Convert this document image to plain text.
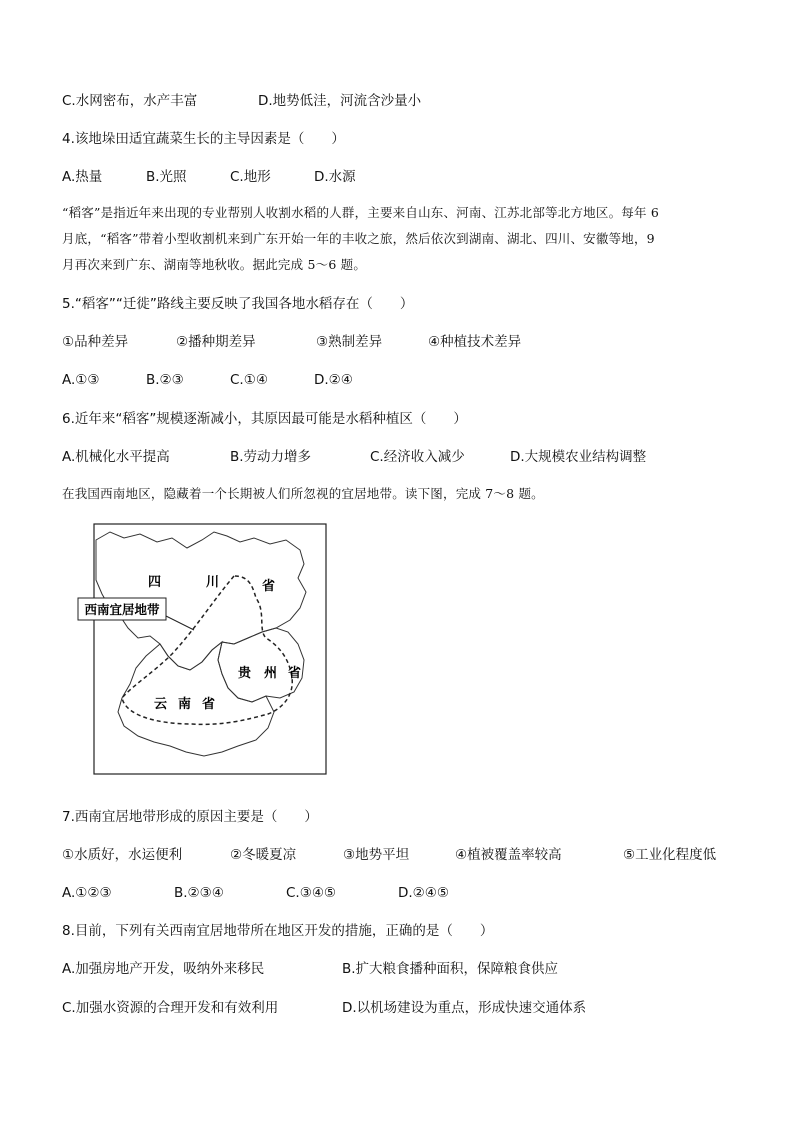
C.水网密布，水产丰富	D.地势低洼，河流含沙量小
4.该地垛田适宜蔬菜生长的主导因素是（　　）
A.热量	B.光照	C.地形	D.水源

“稻客”是指近年来出现的专业帮别人收割水稻的人群，主要来自山东、河南、江苏北部等北方地区。每年 6

月底，“稻客”带着小型收割机来到广东开始一年的丰收之旅，然后依次到湖南、湖北、四川、安徽等地，9

月再次来到广东、湖南等地秋收。据此完成 5～6 题。

5.“稻客”“迁徙”路线主要反映了我国各地水稻存在（　　）
①品种差异	②播种期差异	③熟制差异	④种植技术差异
A.①③	B.②③	C.①④	D.②④
6.近年来“稻客”规模逐渐减小，其原因最可能是水稻种植区（　　）
A.机械化水平提高	B.劳动力增多	C.经济收入减少	D.大规模农业结构调整

在我国西南地区，隐藏着一个长期被人们所忽视的宜居地带。读下图，完成 7～8 题。

西南宜居地带
四	川	省
贵 州 省
云 南 省
7.西南宜居地带形成的原因主要是（　　）
①水质好，水运便利	②冬暖夏凉	③地势平坦	④植被覆盖率较高	⑤工业化程度低
A.①②③	B.②③④	C.③④⑤	D.②④⑤
8.目前，下列有关西南宜居地带所在地区开发的措施，正确的是（　　）
A.加强房地产开发，吸纳外来移民	B.扩大粮食播种面积，保障粮食供应
C.加强水资源的合理开发和有效利用	D.以机场建设为重点，形成快速交通体系
